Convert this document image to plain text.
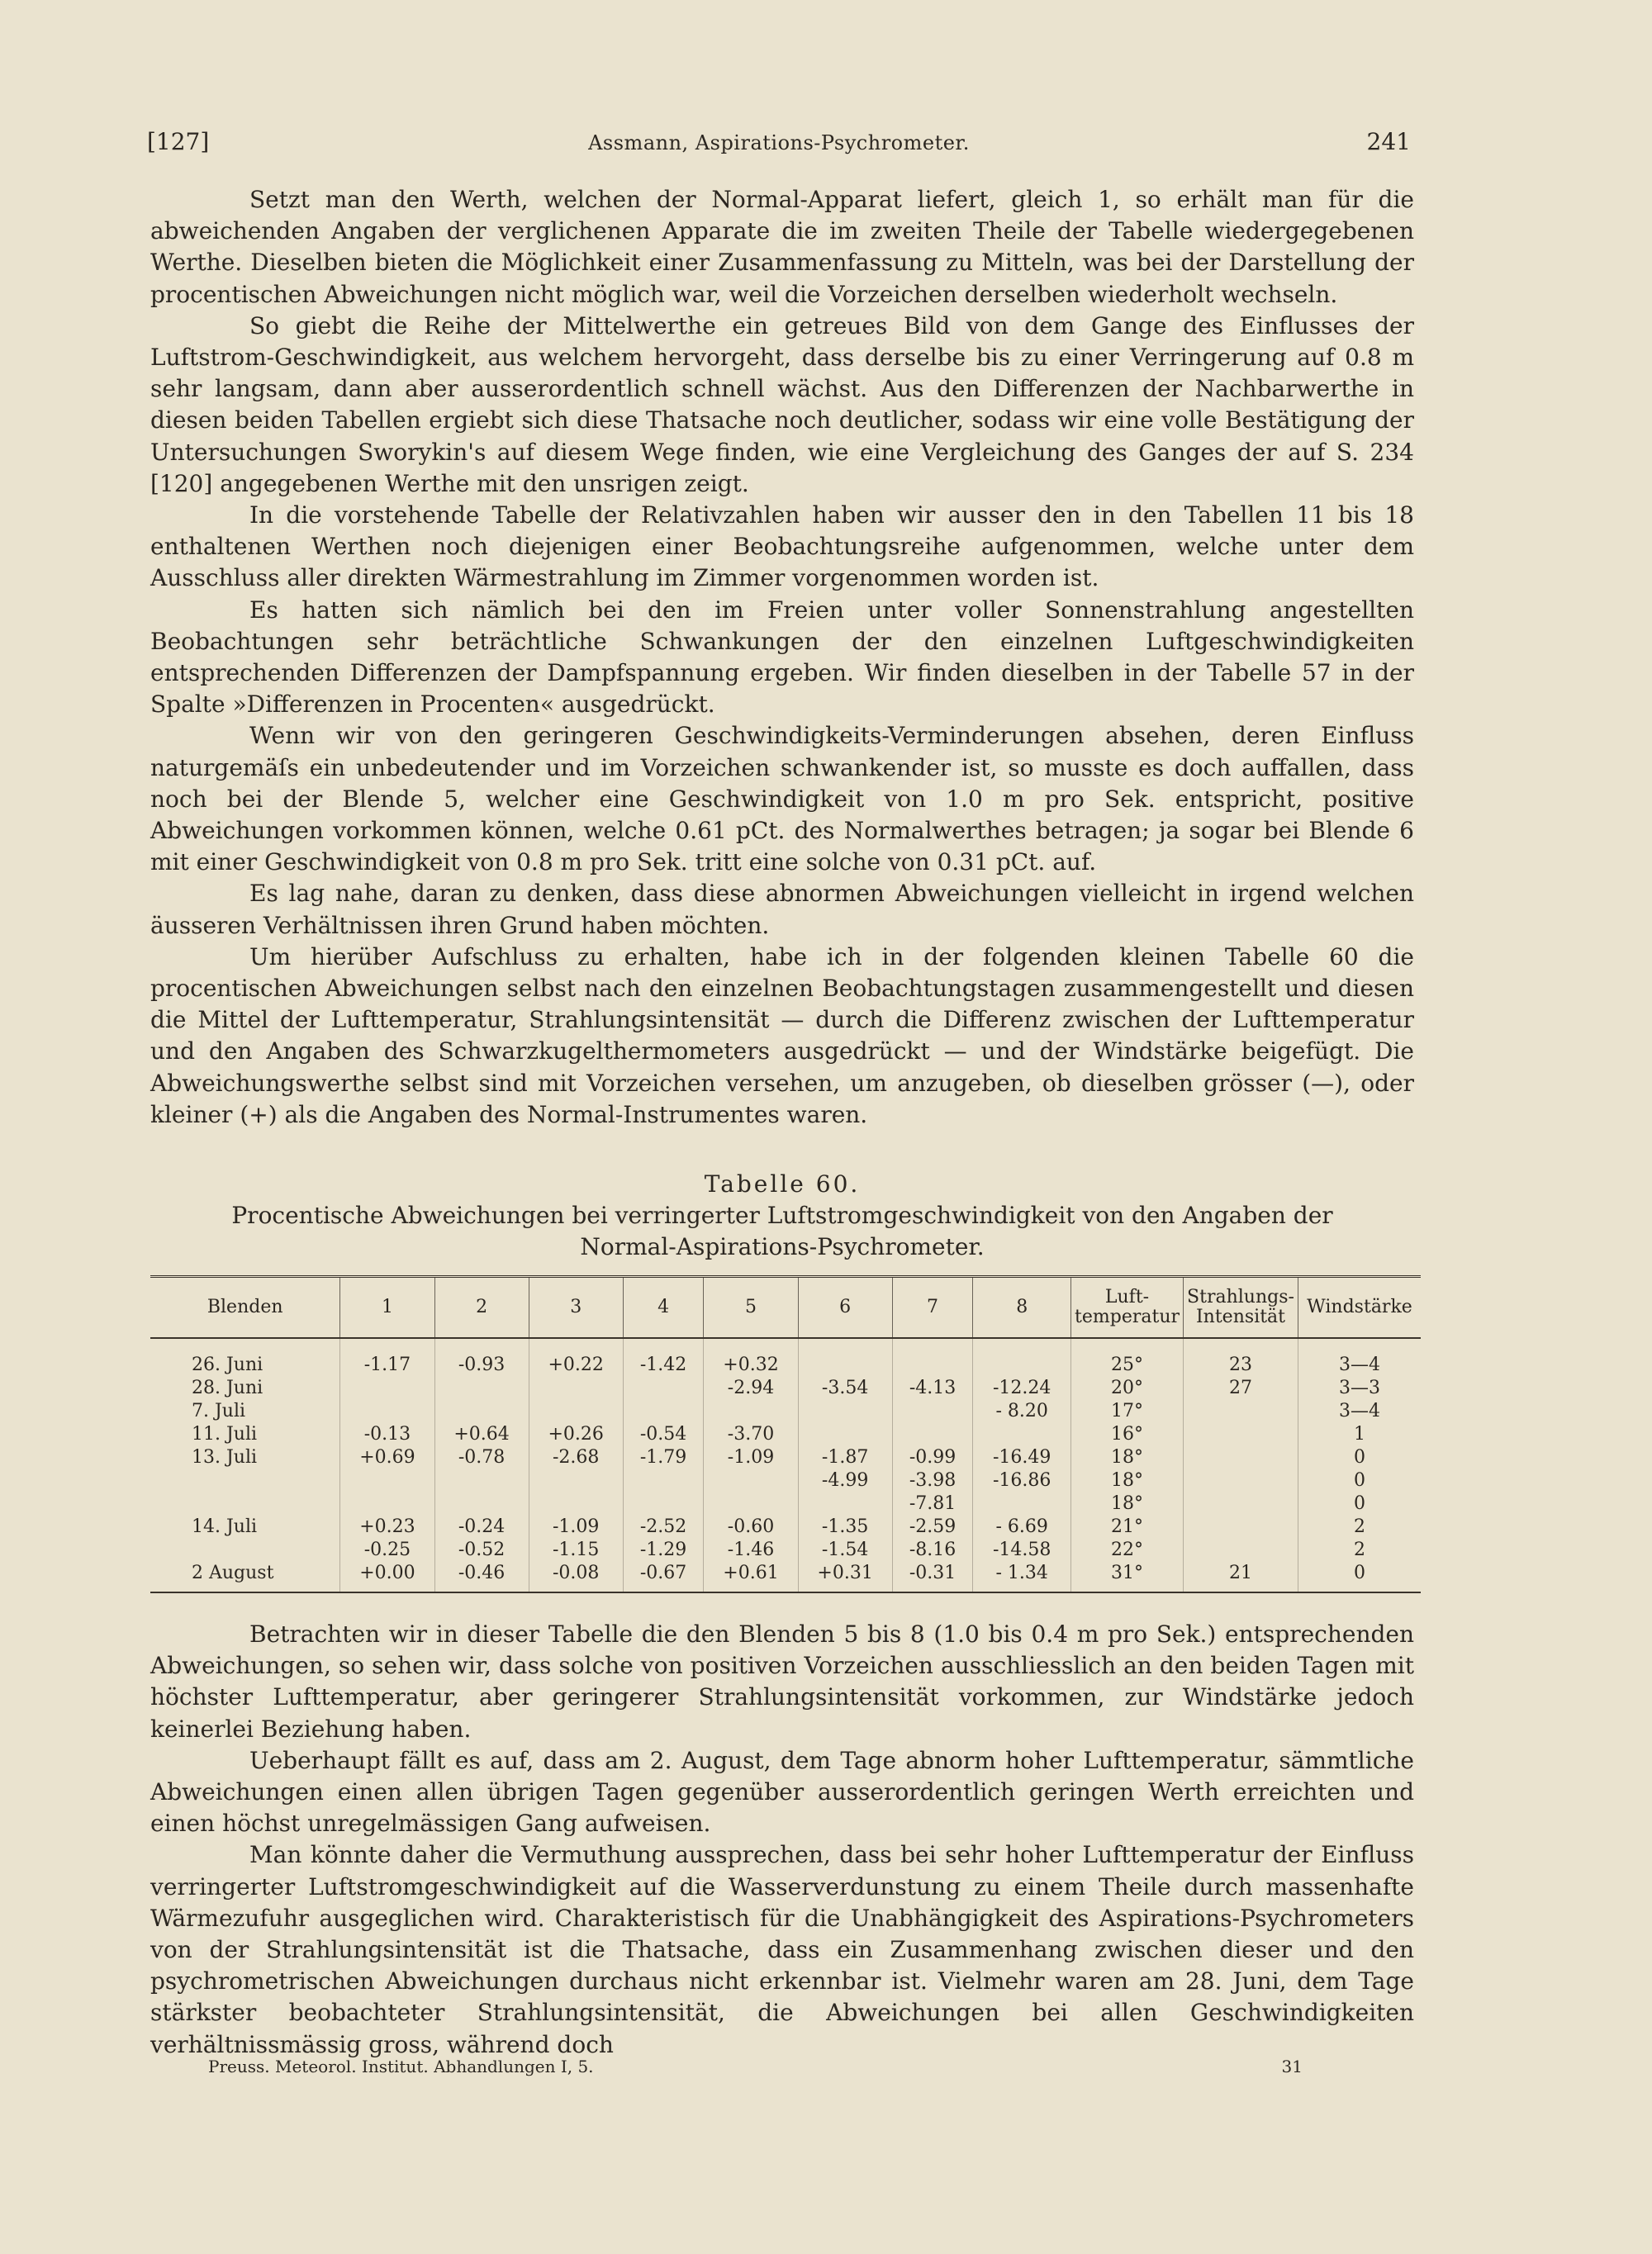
[127]	Assmann, Aspirations-Psychrometer.	241

Setzt man den Werth, welchen der Normal-Apparat liefert, gleich 1, so erhält man für die abweichenden Angaben der verglichenen Apparate die im zweiten Theile der Tabelle wiedergegebenen Werthe. Dieselben bieten die Möglichkeit einer Zusammenfassung zu Mitteln, was bei der Darstellung der procentischen Abweichungen nicht möglich war, weil die Vorzeichen derselben wiederholt wechseln.

So giebt die Reihe der Mittelwerthe ein getreues Bild von dem Gange des Einflusses der Luftstrom-Geschwindigkeit, aus welchem hervorgeht, dass derselbe bis zu einer Verringerung auf 0.8 m sehr langsam, dann aber ausserordentlich schnell wächst. Aus den Differenzen der Nachbarwerthe in diesen beiden Tabellen ergiebt sich diese Thatsache noch deutlicher, sodass wir eine volle Bestätigung der Untersuchungen Sworykin's auf diesem Wege finden, wie eine Vergleichung des Ganges der auf S. 234 [120] angegebenen Werthe mit den unsrigen zeigt.

In die vorstehende Tabelle der Relativzahlen haben wir ausser den in den Tabellen 11 bis 18 enthaltenen Werthen noch diejenigen einer Beobachtungsreihe aufgenommen, welche unter dem Ausschluss aller direkten Wärmestrahlung im Zimmer vorgenommen worden ist.

Es hatten sich nämlich bei den im Freien unter voller Sonnenstrahlung angestellten Beobachtungen sehr beträchtliche Schwankungen der den einzelnen Luftgeschwindigkeiten entsprechenden Differenzen der Dampfspannung ergeben. Wir finden dieselben in der Tabelle 57 in der Spalte »Differenzen in Procenten« ausgedrückt.

Wenn wir von den geringeren Geschwindigkeits-Verminderungen absehen, deren Einfluss naturgemäſs ein unbedeutender und im Vorzeichen schwankender ist, so musste es doch auffallen, dass noch bei der Blende 5, welcher eine Geschwindigkeit von 1.0 m pro Sek. entspricht, positive Abweichungen vorkommen können, welche 0.61 pCt. des Normalwerthes betragen; ja sogar bei Blende 6 mit einer Geschwindigkeit von 0.8 m pro Sek. tritt eine solche von 0.31 pCt. auf.

Es lag nahe, daran zu denken, dass diese abnormen Abweichungen vielleicht in irgend welchen äusseren Verhältnissen ihren Grund haben möchten.

Um hierüber Aufschluss zu erhalten, habe ich in der folgenden kleinen Tabelle 60 die procentischen Abweichungen selbst nach den einzelnen Beobachtungstagen zusammengestellt und diesen die Mittel der Lufttemperatur, Strahlungsintensität — durch die Differenz zwischen der Lufttemperatur und den Angaben des Schwarzkugelthermometers ausgedrückt — und der Windstärke beigefügt. Die Abweichungswerthe selbst sind mit Vorzeichen versehen, um anzugeben, ob dieselben grösser (—), oder kleiner (+) als die Angaben des Normal-Instrumentes waren.

Tabelle 60.
Procentische Abweichungen bei verringerter Luftstromgeschwindigkeit von den Angaben der
Normal-Aspirations-Psychrometer.
Blenden	1	2	3	4	5	6	7	8	Luft-temperatur	Strahlungs-Intensität	Windstärke
26. Juni	-1.17	-0.93	+0.22	-1.42	+0.32				25°	23	3—4
28. Juni					-2.94	-3.54	-4.13	-12.24	20°	27	3—3
7. Juli								- 8.20	17°		3—4
11. Juli	-0.13	+0.64	+0.26	-0.54	-3.70				16°		1
13. Juli	+0.69	-0.78	-2.68	-1.79	-1.09	-1.87	-0.99	-16.49	18°		0
						-4.99	-3.98	-16.86	18°		0
							-7.81		18°		0
14. Juli	+0.23	-0.24	-1.09	-2.52	-0.60	-1.35	-2.59	- 6.69	21°		2
	-0.25	-0.52	-1.15	-1.29	-1.46	-1.54	-8.16	-14.58	22°		2
2 August	+0.00	-0.46	-0.08	-0.67	+0.61	+0.31	-0.31	- 1.34	31°	21	0

Betrachten wir in dieser Tabelle die den Blenden 5 bis 8 (1.0 bis 0.4 m pro Sek.) entsprechenden Abweichungen, so sehen wir, dass solche von positiven Vorzeichen ausschliesslich an den beiden Tagen mit höchster Lufttemperatur, aber geringerer Strahlungsintensität vorkommen, zur Windstärke jedoch keinerlei Beziehung haben.

Ueberhaupt fällt es auf, dass am 2. August, dem Tage abnorm hoher Lufttemperatur, sämmtliche Abweichungen einen allen übrigen Tagen gegenüber ausserordentlich geringen Werth erreichten und einen höchst unregelmässigen Gang aufweisen.

Man könnte daher die Vermuthung aussprechen, dass bei sehr hoher Lufttemperatur der Einfluss verringerter Luftstromgeschwindigkeit auf die Wasserverdunstung zu einem Theile durch massenhafte Wärmezufuhr ausgeglichen wird. Charakteristisch für die Unabhängigkeit des Aspirations-Psychrometers von der Strahlungsintensität ist die Thatsache, dass ein Zusammenhang zwischen dieser und den psychrometrischen Abweichungen durchaus nicht erkennbar ist. Vielmehr waren am 28. Juni, dem Tage stärkster beobachteter Strahlungsintensität, die Abweichungen bei allen Geschwindigkeiten verhältnissmässig gross, während doch

Preuss. Meteorol. Institut. Abhandlungen I, 5.	31
